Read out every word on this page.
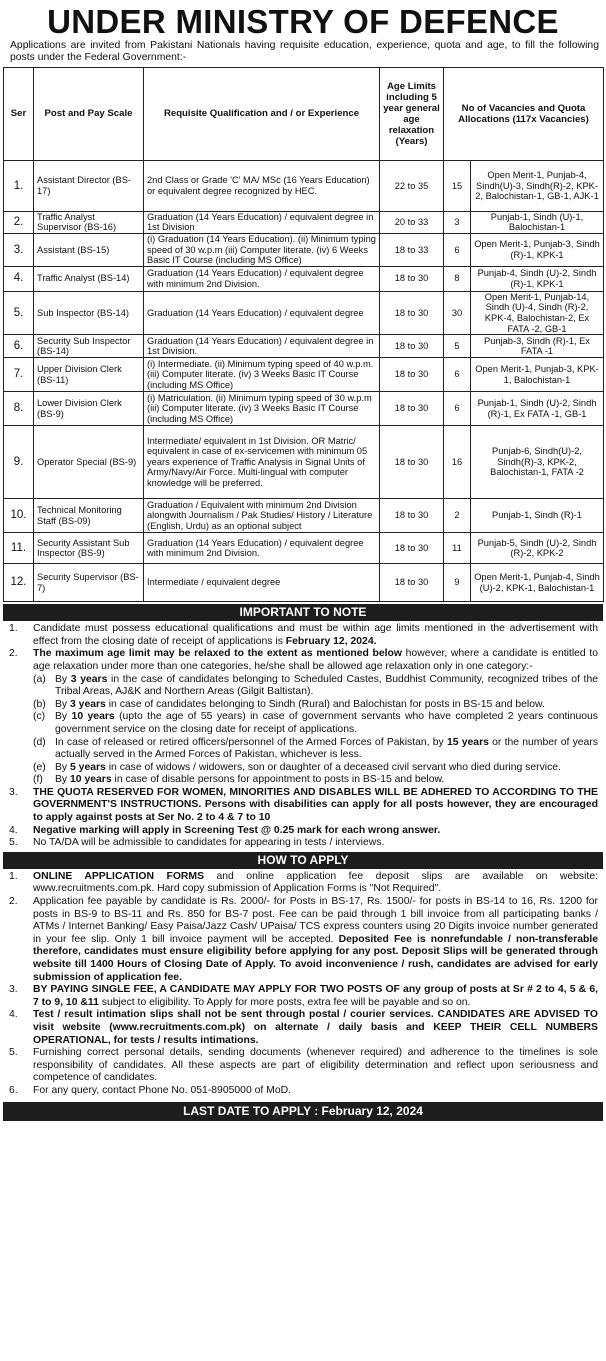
UNDER MINISTRY OF DEFENCE
Applications are invited from Pakistani Nationals having requisite education, experience, quota and age, to fill the following posts under the Federal Government:-
Ser	Post and Pay Scale	Requisite Qualification and / or Experience	Age Limits including 5 year general age relaxation (Years)	No of Vacancies and Quota Allocations (117x Vacancies)	
1.	Assistant Director (BS-17)	2nd Class or Grade 'C' MA/ MSc (16 Years Education) or equivalent degree recognized by HEC.	22 to 35	15	Open Merit-1, Punjab-4, Sindh(U)-3, Sindh(R)-2, KPK-2, Balochistan-1, GB-1, AJK-1
2.	Traffic Analyst Supervisor (BS-16)	Graduation (14 Years Education) / equivalent degree in 1st Division	20 to 33	3	Punjab-1, Sindh (U)-1, Balochistan-1
3.	Assistant (BS-15)	(i) Graduation (14 Years Education). (ii) Minimum typing speed of 30 w.p.m (iii) Computer literate. (iv) 6 Weeks Basic IT Course (including MS Office)	18 to 33	6	Open Merit-1, Punjab-3, Sindh (R)-1, KPK-1
4.	Traffic Analyst (BS-14)	Graduation (14 Years Education) / equivalent degree with minimum 2nd Division.	18 to 30	8	Punjab-4, Sindh (U)-2, Sindh (R)-1, KPK-1
5.	Sub Inspector (BS-14)	Graduation (14 Years Education) / equivalent degree	18 to 30	30	Open Merit-1, Punjab-14, Sindh (U)-4, Sindh (R)-2, KPK-4, Balochistan-2, Ex FATA -2, GB-1
6.	Security Sub Inspector (BS-14)	Graduation (14 Years Education) / equivalent degree in 1st Division.	18 to 30	5	Punjab-3, Sindh (R)-1, Ex FATA -1
7.	Upper Division Clerk (BS-11)	(i) Intermediate. (ii) Minimum typing speed of 40 w.p.m. (iii) Computer literate. (iv) 3 Weeks Basic IT Course (including MS Office)	18 to 30	6	Open Merit-1, Punjab-3, KPK-1, Balochistan-1
8.	Lower Division Clerk (BS-9)	(i) Matriculation. (ii) Minimum typing speed of 30 w.p.m (iii) Computer literate. (iv) 3 Weeks Basic IT Course (including MS Office)	18 to 30	6	Punjab-1, Sindh (U)-2, Sindh (R)-1, Ex FATA -1, GB-1
9.	Operator Special (BS-9)	Intermediate/ equivalent in 1st Division. OR Matric/ equivalent in case of ex-servicemen with minimum 05 years experience of Traffic Analysis in Signal Units of Army/Navy/Air Force. Multi-lingual with computer knowledge will be preferred.	18 to 30	16	Punjab-6, Sindh(U)-2, Sindh(R)-3, KPK-2, Balochistan-1, FATA -2
10.	Technical Monitoring Staff (BS-09)	Graduation / Equivalent with minimum 2nd Division alongwith Journalism / Pak Studies/ History / Literature (English, Urdu) as an optional subject	18 to 30	2	Punjab-1, Sindh (R)-1
11.	Security Assistant Sub Inspector (BS-9)	Graduation (14 Years Education) / equivalent degree with minimum 2nd Division.	18 to 30	11	Punjab-5, Sindh (U)-2, Sindh (R)-2, KPK-2
12.	Security Supervisor (BS-7)	Intermediate / equivalent degree	18 to 30	9	Open Merit-1, Punjab-4, Sindh (U)-2, KPK-1, Balochistan-1
IMPORTANT TO NOTE
1.	Candidate must possess educational qualifications and must be within age limits mentioned in the advertisement with effect from the closing date of receipt of applications is February 12, 2024.
2.	The maximum age limit may be relaxed to the extent as mentioned below however, where a candidate is entitled to age relaxation under more than one categories, he/she shall be allowed age relaxation only in one category:-
(a) By 3 years in the case of candidates belonging to Scheduled Castes, Buddhist Community, recognized tribes of the Tribal Areas, AJ&K and Northern Areas (Gilgit Baltistan).
(b) By 3 years in case of candidates belonging to Sindh (Rural) and Balochistan for posts in BS-15 and below.
(c) By 10 years (upto the age of 55 years) in case of government servants who have completed 2 years continuous government service on the closing date for receipt of applications.
(d) In case of released or retired officers/personnel of the Armed Forces of Pakistan, by 15 years or the number of years actually served in the Armed Forces of Pakistan, whichever is less.
(e) By 5 years in case of widows / widowers, son or daughter of a deceased civil servant who died during service.
(f)	By 10 years in case of disable persons for appointment to posts in BS-15 and below.
3.	THE QUOTA RESERVED FOR WOMEN, MINORITIES AND DISABLES WILL BE ADHERED TO ACCORDING TO THE GOVERNMENT'S INSTRUCTIONS. Persons with disabilities can apply for all posts however, they are encouraged to apply against posts at Ser No. 2 to 4 & 7 to 10
4.	Negative marking will apply in Screening Test @ 0.25 mark for each wrong answer.
5.	No TA/DA will be admissible to candidates for appearing in tests / interviews.
HOW TO APPLY
1.	ONLINE APPLICATION FORMS and online application fee deposit slips are available on website: www.recruitments.com.pk. Hard copy submission of Application Forms is "Not Required".
2.	Application fee payable by candidate is Rs. 2000/- for Posts in BS-17, Rs. 1500/- for posts in BS-14 to 16, Rs. 1200 for posts in BS-9 to BS-11 and Rs. 850 for BS-7 post. Fee can be paid through 1 bill invoice from all participating banks / ATMs / Internet Banking/ Easy Paisa/Jazz Cash/ UPaisa/ TCS express counters using 20 Digits invoice number generated in your fee slip. Only 1 bill invoice payment will be accepted. Deposited Fee is nonrefundable / non-transferable therefore, candidates must ensure eligibility before applying for any post. Deposit Slips will be generated through website till 1400 Hours of Closing Date of Apply. To avoid inconvenience / rush, candidates are advised for early submission of application fee.
3.	BY PAYING SINGLE FEE, A CANDIDATE MAY APPLY FOR TWO POSTS OF any group of posts at Sr # 2 to 4, 5 & 6, 7 to 9, 10 &11 subject to eligibility. To Apply for more posts, extra fee will be payable and so on.
4.	Test / result intimation slips shall not be sent through postal / courier services. CANDIDATES ARE ADVISED TO visit website (www.recruitments.com.pk) on alternate / daily basis and KEEP THEIR CELL NUMBERS OPERATIONAL, for tests / results intimations.
5.	Furnishing correct personal details, sending documents (whenever required) and adherence to the timelines is sole responsibility of candidates. All these aspects are part of eligibility determination and reflect upon seriousness and competence of candidates.
6.	For any query, contact Phone No. 051-8905000 of MoD.
LAST DATE TO APPLY : February 12, 2024
